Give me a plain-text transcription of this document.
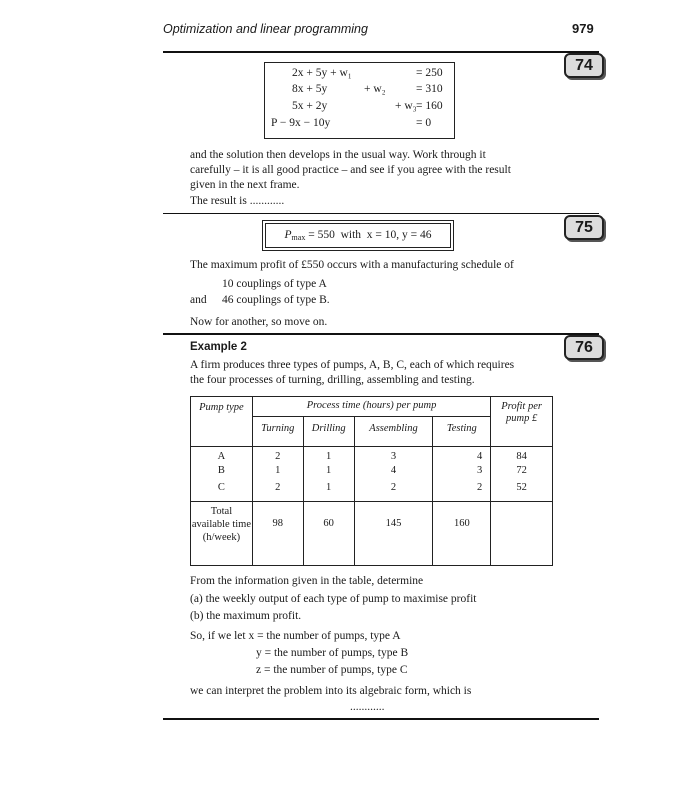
Optimization and linear programming	979
74
2x + 5y + w₁	= 250
8x + 5y	+ w₂	= 310
5x + 2y	+ w₃ = 160
P − 9x − 10y	= 0
and the solution then develops in the usual way. Work through it
carefully – it is all good practice – and see if you agree with the result
given in the next frame.
The result is ............
75
$P_{max} = 550$  with  x = 10, y = 46
The maximum profit of £550 occurs with a manufacturing schedule of
10 couplings of type A
and 46 couplings of type B.
Now for another, so move on.
76
Example 2
A firm produces three types of pumps, A, B, C, each of which requires
the four processes of turning, drilling, assembling and testing.
Pump type	Process time (hours) per pump				Profit per pump £
	Turning	Drilling	Assembling	Testing	
A	2	1	3	4	84
B	1	1	4	3	72
C	2	1	2	2	52
Total available time (h/week)	98	60	145	160	
From the information given in the table, determine
(a) the weekly output of each type of pump to maximise profit
(b) the maximum profit.
So, if we let x = the number of pumps, type A
y = the number of pumps, type B
z = the number of pumps, type C
we can interpret the problem into its algebraic form, which is
............
